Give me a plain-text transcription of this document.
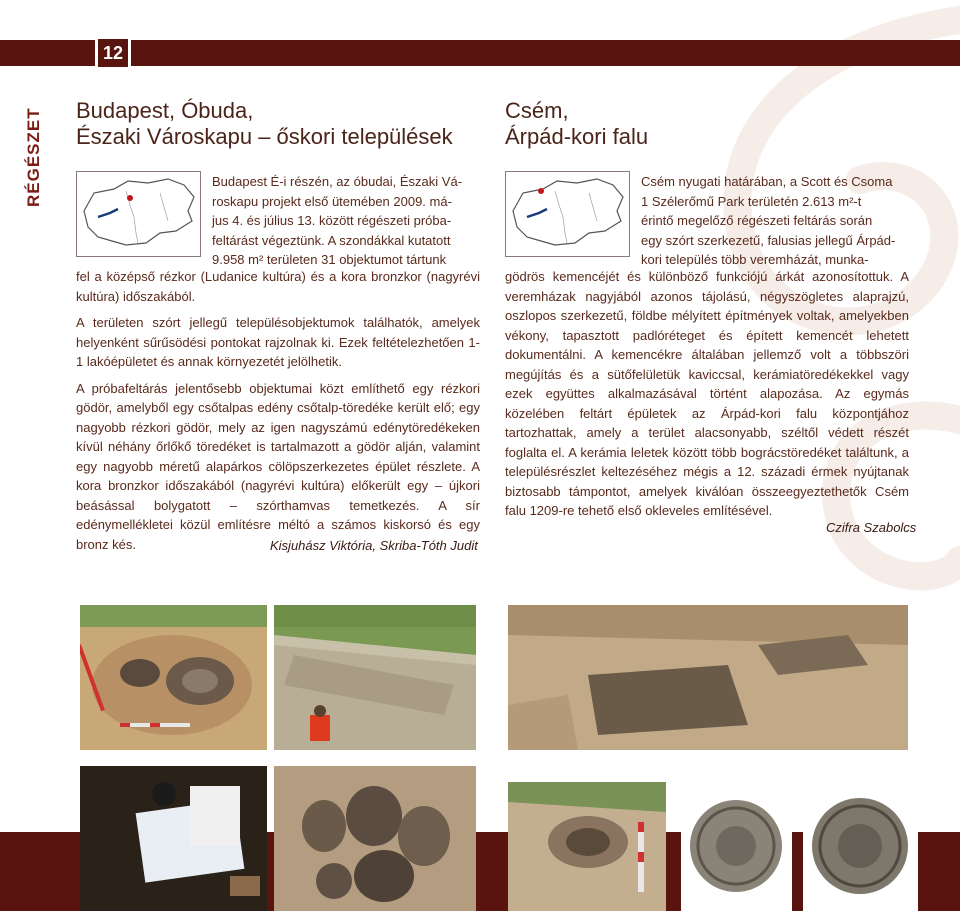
12
RÉGÉSZET Budapest, Óbuda,
Északi Városkapu – őskori települések
Budapest É-i részén, az óbudai, Északi Vá-
roskapu projekt első ütemében 2009. má-
jus 4. és július 13. között régészeti próba-
feltárást végeztünk. A szondákkal kutatott
9.958 m² területen 31 objektumot tártunk

fel a középső rézkor (Ludanice kultúra) és a kora bronzkor (nagyrévi kultúra) időszakából.

A területen szórt jellegű településobjektumok találhatók, amelyek helyenként sűrűsödési pontokat rajzolnak ki. Ezek feltételezhetően 1-1 lakóépületet és annak környezetét jelölhetik.

A próbafeltárás jelentősebb objektumai közt említhető egy rézkori gödör, amelyből egy csőtalpas edény csőtalp-töredéke került elő; egy nagyobb rézkori gödör, mely az igen nagyszámú edénytöredékeken kívül néhány őrlőkő töredéket is tartalmazott a gödör alján, valamint egy nagyobb méretű alapárkos cölöpszerkezetes épület részlete. A kora bronzkor időszakából (nagyrévi kultúra) előkerült egy – újkori beásással bolygatott – szórthamvas temetkezés. A sír edénymellékletei közül említésre méltó a számos kiskorsó és egy bronz kés.	Kisjuhász Viktória, Skriba-Tóth Judit
Csém,
Árpád-kori falu
Csém nyugati határában, a Scott és Csoma
1 Szélerőmű Park területén 2.613 m²-t
érintő megelőző régészeti feltárás során
egy szórt szerkezetű, falusias jellegű Árpád-
kori település több veremházát, munka-

gödrös kemencéjét és különböző funkciójú árkát azonosítottuk. A veremházak nagyjából azonos tájolású, négyszögletes alaprajzú, oszlopos szerkezetű, földbe mélyített építmények voltak, amelyekben vékony, tapasztott padlóréteget és épített kemencét lehetett dokumentálni. A kemencékre általában jellemző volt a többszöri megújítás és a sütőfelületük kaviccsal, kerámiatöredékekkel vagy ezek együttes alkalmazásával történt alapozása. Az egymás közelében feltárt épületek az Árpád-kori falu központjához tartozhattak, amely a terület alacsonyabb, széltől védett részét foglalta el. A kerámia leletek között több bográcstöredéket találtunk, a településrészlet keltezéséhez mégis a 12. századi érmek nyújtanak biztosabb támpontot, amelyek kiválóan összeegyeztethetők Csém falu 1209-re tehető első okleveles említésével.

Czifra Szabolcs
